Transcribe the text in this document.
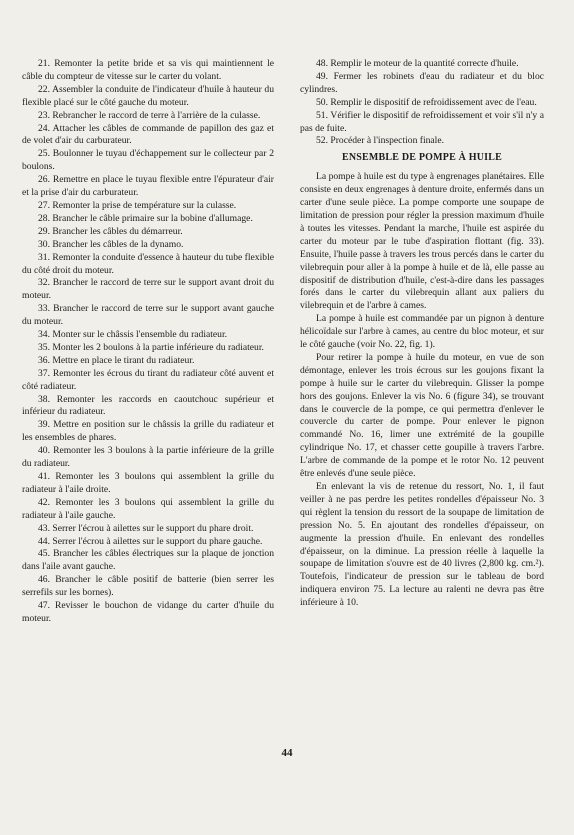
21. Remonter la petite bride et sa vis qui maintiennent le câble du compteur de vitesse sur le carter du volant.

22. Assembler la conduite de l'indicateur d'huile à hauteur du flexible placé sur le côté gauche du moteur.

23. Rebrancher le raccord de terre à l'arrière de la culasse.

24. Attacher les câbles de commande de papillon des gaz et de volet d'air du carburateur.

25. Boulonner le tuyau d'échappement sur le collecteur par 2 boulons.

26. Remettre en place le tuyau flexible entre l'épurateur d'air et la prise d'air du carburateur.

27. Remonter la prise de température sur la culasse.

28. Brancher le câble primaire sur la bobine d'allumage.

29. Brancher les câbles du démarreur.

30. Brancher les câbles de la dynamo.

31. Remonter la conduite d'essence à hauteur du tube flexible du côté droit du moteur.

32. Brancher le raccord de terre sur le support avant droit du moteur.

33. Brancher le raccord de terre sur le support avant gauche du moteur.

34. Monter sur le châssis l'ensemble du radiateur.

35. Monter les 2 boulons à la partie inférieure du radiateur.

36. Mettre en place le tirant du radiateur.

37. Remonter les écrous du tirant du radiateur côté auvent et côté radiateur.

38. Remonter les raccords en caoutchouc supérieur et inférieur du radiateur.

39. Mettre en position sur le châssis la grille du radiateur et les ensembles de phares.

40. Remonter les 3 boulons à la partie inférieure de la grille du radiateur.

41. Remonter les 3 boulons qui assemblent la grille du radiateur à l'aile droite.

42. Remonter les 3 boulons qui assemblent la grille du radiateur à l'aile gauche.

43. Serrer l'écrou à ailettes sur le support du phare droit.

44. Serrer l'écrou à ailettes sur le support du phare gauche.

45. Brancher les câbles électriques sur la plaque de jonction dans l'aile avant gauche.

46. Brancher le câble positif de batterie (bien serrer les serrefils sur les bornes).

47. Revisser le bouchon de vidange du carter d'huile du moteur.

48. Remplir le moteur de la quantité correcte d'huile.

49. Fermer les robinets d'eau du radiateur et du bloc cylindres.

50. Remplir le dispositif de refroidissement avec de l'eau.

51. Vérifier le dispositif de refroidissement et voir s'il n'y a pas de fuite.

52. Procéder à l'inspection finale.

ENSEMBLE DE POMPE À HUILE

La pompe à huile est du type à engrenages planétaires. Elle consiste en deux engrenages à denture droite, enfermés dans un carter d'une seule pièce. La pompe comporte une soupape de limitation de pression pour régler la pression maximum d'huile à toutes les vitesses. Pendant la marche, l'huile est aspirée du carter du moteur par le tube d'aspiration flottant (fig. 33). Ensuite, l'huile passe à travers les trous percés dans le carter du vilebrequin pour aller à la pompe à huile et de là, elle passe au dispositif de distribution d'huile, c'est-à-dire dans les passages forés dans le carter du vilebrequin allant aux paliers du vilebrequin et de l'arbre à cames.

La pompe à huile est commandée par un pignon à denture hélicoïdale sur l'arbre à cames, au centre du bloc moteur, et sur le côté gauche (voir No. 22, fig. 1).

Pour retirer la pompe à huile du moteur, en vue de son démontage, enlever les trois écrous sur les goujons fixant la pompe à huile sur le carter du vilebrequin. Glisser la pompe hors des goujons. Enlever la vis No. 6 (figure 34), se trouvant dans le couvercle de la pompe, ce qui permettra d'enlever le couvercle du carter de pompe. Pour enlever le pignon commandé No. 16, limer une extrémité de la goupille cylindrique No. 17, et chasser cette goupille à travers l'arbre. L'arbre de commande de la pompe et le rotor No. 12 peuvent être enlevés d'une seule pièce.

En enlevant la vis de retenue du ressort, No. 1, il faut veiller à ne pas perdre les petites rondelles d'épaisseur No. 3 qui règlent la tension du ressort de la soupape de limitation de pression No. 5. En ajoutant des rondelles d'épaisseur, on augmente la pression d'huile. En enlevant des rondelles d'épaisseur, on la diminue. La pression réelle à laquelle la soupape de limitation s'ouvre est de 40 livres (2,800 kg. cm.²). Toutefois, l'indicateur de pression sur le tableau de bord indiquera environ 75. La lecture au ralenti ne devra pas être inférieure à 10.

44
